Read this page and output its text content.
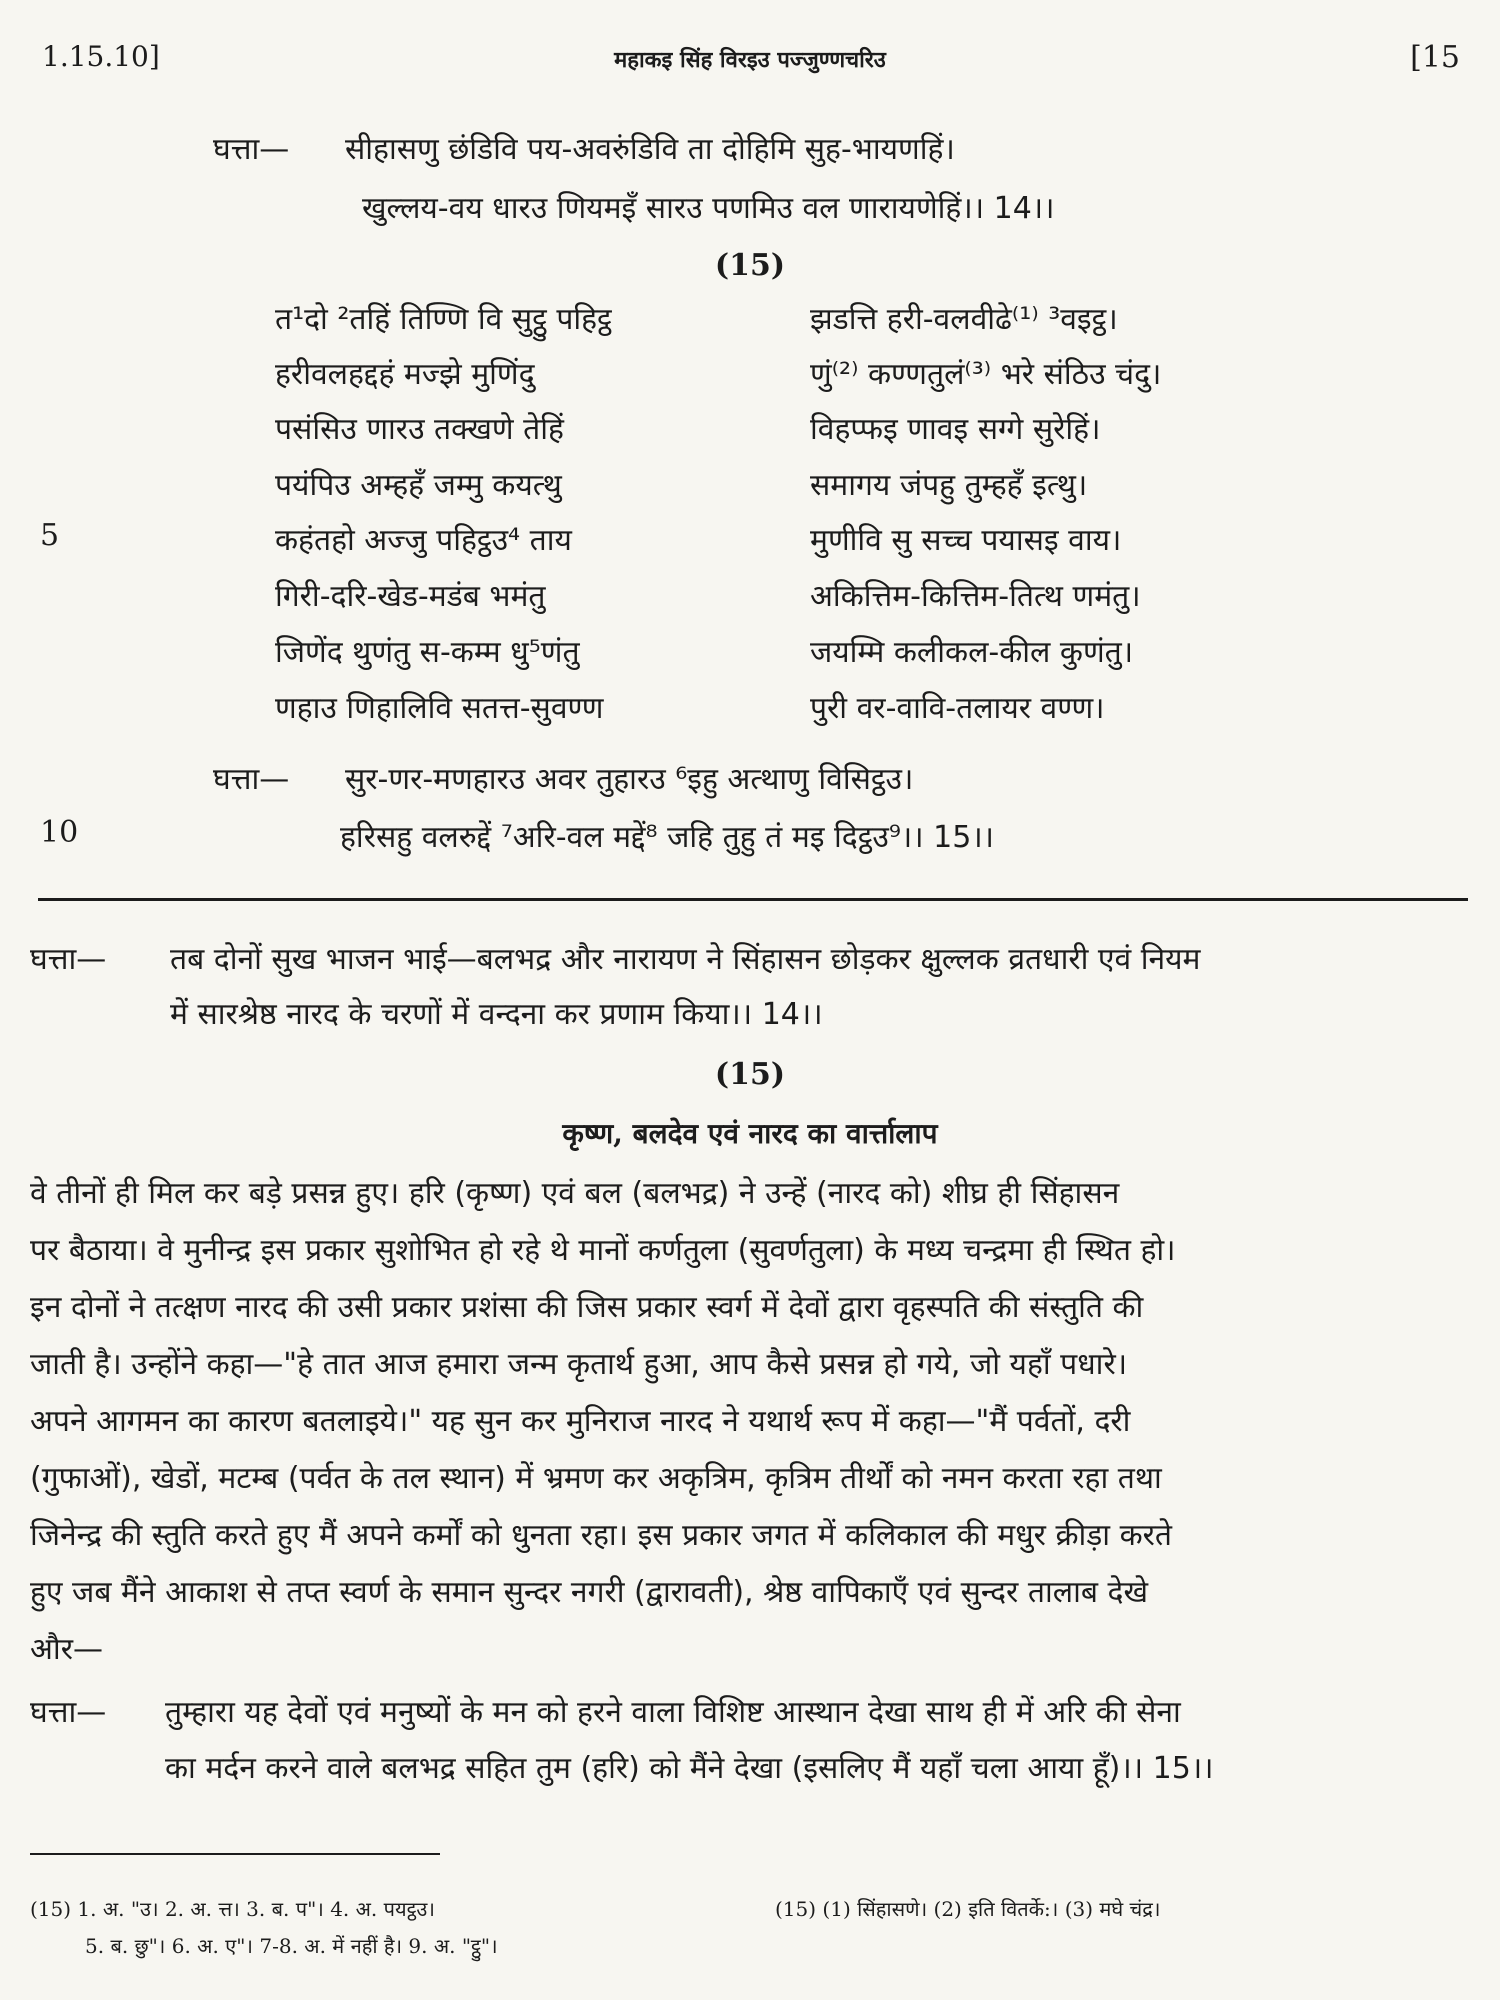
1.15.10]	महाकइ सिंह विरइउ पज्जुण्णचरिउ	[15
घत्ता— सीहासणु छंडिवि पय-अवरुंडिवि ता दोहिमि सुह-भायणहिं।
खुल्लय-वय धारउ णियमइँ सारउ पणमिउ वल णारायणेहिं।। 14।।
(15)
5
त¹दो ²तहिं तिण्णि वि सुट्ठु पहिट्ठ	झडत्ति हरी-वलवीढे⁽¹⁾ ³वइट्ठ।
हरीवलहद्दहं मज्झे मुणिंदु	णुं⁽²⁾ कण्णतुलं⁽³⁾ भरे संठिउ चंदु।
पसंसिउ णारउ तक्खणे तेहिं	विहप्फइ णावइ सग्गे सुरेहिं।
पयंपिउ अम्हहँ जम्मु कयत्थु	समागय जंपहु तुम्हहँ इत्थु।
कहंतहो अज्जु पहिट्ठउ⁴ ताय	मुणीवि सु सच्च पयासइ वाय।
गिरी-दरि-खेड-मडंब भमंतु	अकित्तिम-कित्तिम-तित्थ णमंतु।
जिणेंद थुणंतु स-कम्म धु⁵णंतु	जयम्मि कलीकल-कील कुणंतु।
णहाउ णिहालिवि सतत्त-सुवण्ण	पुरी वर-वावि-तलायर वण्ण।
घत्ता— सुर-णर-मणहारउ अवर तुहारउ ⁶इहु अत्थाणु विसिट्ठउ।
10	हरिसहु वलरुद्दें ⁷अरि-वल मद्दें⁸ जहि तुहु तं मइ दिट्ठउ⁹।। 15।।
घत्ता— तब दोनों सुख भाजन भाई—बलभद्र और नारायण ने सिंहासन छोड़कर क्षुल्लक व्रतधारी एवं नियम
में सारश्रेष्ठ नारद के चरणों में वन्दना कर प्रणाम किया।। 14।।
(15)
कृष्ण, बलदेव एवं नारद का वार्त्तालाप
वे तीनों ही मिल कर बड़े प्रसन्न हुए। हरि (कृष्ण) एवं बल (बलभद्र) ने उन्हें (नारद को) शीघ्र ही सिंहासन
पर बैठाया। वे मुनीन्द्र इस प्रकार सुशोभित हो रहे थे मानों कर्णतुला (सुवर्णतुला) के मध्य चन्द्रमा ही स्थित हो।
इन दोनों ने तत्क्षण नारद की उसी प्रकार प्रशंसा की जिस प्रकार स्वर्ग में देवों द्वारा वृहस्पति की संस्तुति की
जाती है। उन्होंने कहा—"हे तात आज हमारा जन्म कृतार्थ हुआ, आप कैसे प्रसन्न हो गये, जो यहाँ पधारे।
अपने आगमन का कारण बतलाइये।" यह सुन कर मुनिराज नारद ने यथार्थ रूप में कहा—"मैं पर्वतों, दरी
(गुफाओं), खेडों, मटम्ब (पर्वत के तल स्थान) में भ्रमण कर अकृत्रिम, कृत्रिम तीर्थों को नमन करता रहा तथा
जिनेन्द्र की स्तुति करते हुए मैं अपने कर्मों को धुनता रहा। इस प्रकार जगत में कलिकाल की मधुर क्रीड़ा करते
हुए जब मैंने आकाश से तप्त स्वर्ण के समान सुन्दर नगरी (द्वारावती), श्रेष्ठ वापिकाएँ एवं सुन्दर तालाब देखे
और—
घत्ता— तुम्हारा यह देवों एवं मनुष्यों के मन को हरने वाला विशिष्ट आस्थान देखा साथ ही में अरि की सेना
का मर्दन करने वाले बलभद्र सहित तुम (हरि) को मैंने देखा (इसलिए मैं यहाँ चला आया हूँ)।। 15।।
(15) 1. अ. "उ। 2. अ. त्त। 3. ब. प"। 4. अ. पयट्ठउ।
5. ब. छु"। 6. अ. ए"। 7-8. अ. में नहीं है। 9. अ. "ट्ठु"।
(15) (1) सिंहासणे। (2) इति वितर्के:। (3) मघे चंद्र।
